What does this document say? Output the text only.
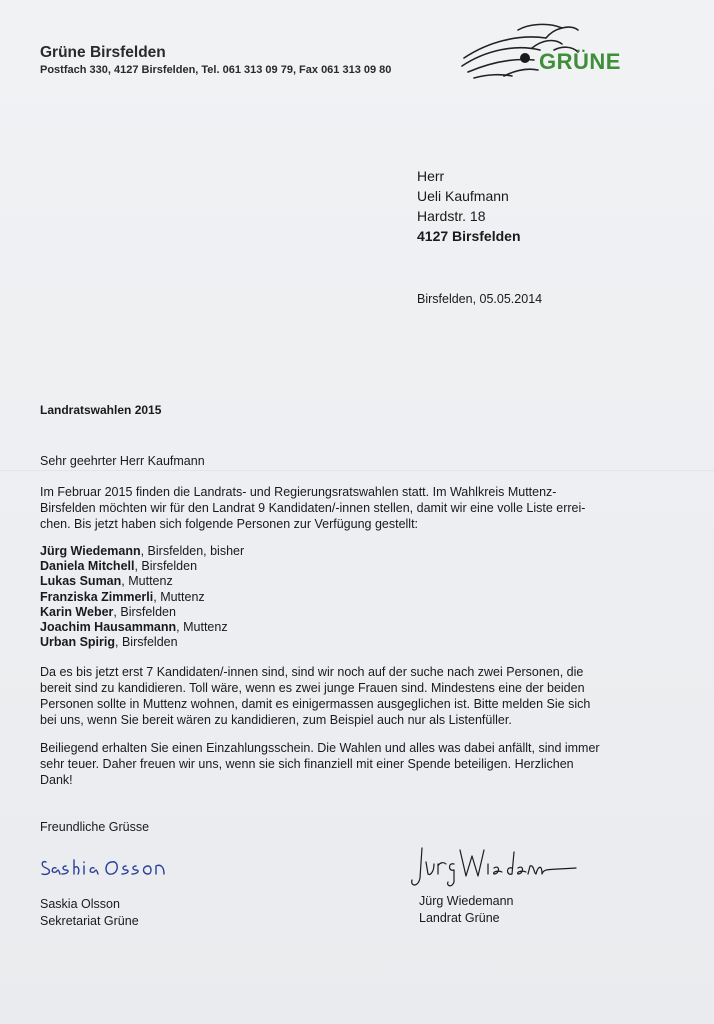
Grüne Birsfelden
Postfach 330, 4127 Birsfelden, Tel. 061 313 09 79, Fax 061 313 09 80	GRÜNE
Herr
Ueli Kaufmann
Hardstr. 18
4127 Birsfelden
Birsfelden, 05.05.2014
Landratswahlen 2015
Sehr geehrter Herr Kaufmann
Im Februar 2015 finden die Landrats- und Regierungsratswahlen statt. Im Wahlkreis Muttenz-
Birsfelden möchten wir für den Landrat 9 Kandidaten/-innen stellen, damit wir eine volle Liste errei-
chen. Bis jetzt haben sich folgende Personen zur Verfügung gestellt:
Jürg Wiedemann, Birsfelden, bisher
Daniela Mitchell, Birsfelden
Lukas Suman, Muttenz
Franziska Zimmerli, Muttenz
Karin Weber, Birsfelden
Joachim Hausammann, Muttenz
Urban Spirig, Birsfelden
Da es bis jetzt erst 7 Kandidaten/-innen sind, sind wir noch auf der suche nach zwei Personen, die
bereit sind zu kandidieren. Toll wäre, wenn es zwei junge Frauen sind. Mindestens eine der beiden
Personen sollte in Muttenz wohnen, damit es einigermassen ausgeglichen ist. Bitte melden Sie sich
bei uns, wenn Sie bereit wären zu kandidieren, zum Beispiel auch nur als Listenfüller.
Beiliegend erhalten Sie einen Einzahlungsschein. Die Wahlen und alles was dabei anfällt, sind immer
sehr teuer. Daher freuen wir uns, wenn sie sich finanziell mit einer Spende beteiligen. Herzlichen
Dank!
Freundliche Grüsse
Saskia Olsson
Sekretariat Grüne
Jürg Wiedemann
Landrat Grüne
